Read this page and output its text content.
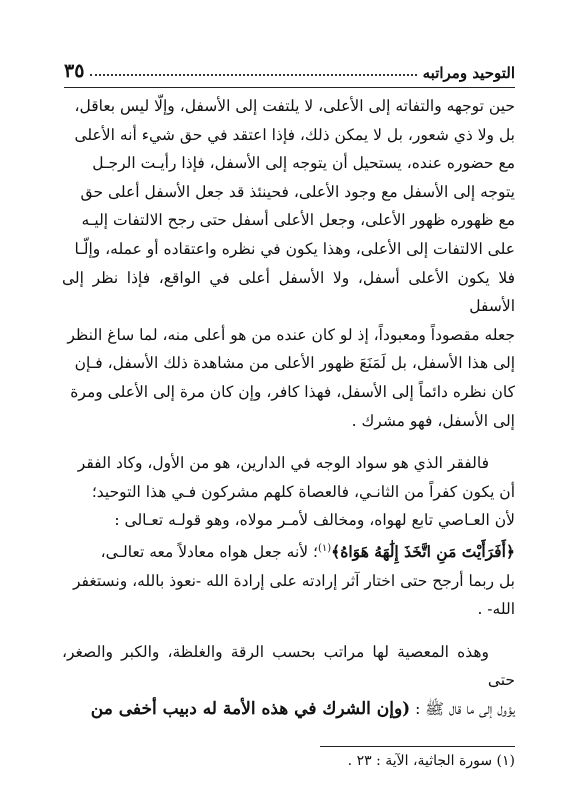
التوحيد ومراتبه
٣٥

حين توجهه والتفاته إلى الأعلى، لا يلتفت إلى الأسفل، وإلّا ليس بعاقل،

بل ولا ذي شعور، بل لا يمكن ذلك، فإذا اعتقد في حق شيء أنه الأعلى

مع حضوره عنده، يستحيل أن يتوجه إلى الأسفل، فإذا رأيـت الرجـل

يتوجه إلى الأسفل مع وجود الأعلى، فحينئذ قد جعل الأسفل أعلى حق

مع ظهوره ظهور الأعلى، وجعل الأعلى أسفل حتى رجح الالتفات إليـه

على الالتفات إلى الأعلى، وهذا يكون في نظره واعتقاده أو عمله، وإلّـا

فلا يكون الأعلى أسفل، ولا الأسفل أعلى في الواقع، فإذا نظر إلى الأسفل

جعله مقصوداً ومعبوداً، إذ لو كان عنده من هو أعلى منه، لما ساغ النظر

إلى هذا الأسفل، بل لَمَنَعَ ظهور الأعلى من مشاهدة ذلك الأسفل، فـإن

كان نظره دائماً إلى الأسفل، فهذا كافر، وإن كان مرة إلى الأعلى ومرة

إلى الأسفل، فهو مشرك .

فالفقر الذي هو سواد الوجه في الدارين، هو من الأول، وكاد الفقر

أن يكون كفراً من الثانـي، فالعصاة كلهم مشركون فـي هذا التوحيد؛

لأن العـاصي تابع لهواه، ومخالف لأمـر مولاه، وهو قولـه تعـالى :

﴿أَفَرَأَيْتَ مَنِ اتَّخَذَ إِلَٰهَهُ هَوَاهُ﴾$^{(١)}$؛ لأنه جعل هواه معادلاً معه تعالـى،

بل ربما أرجح حتى اختار آثر إرادته على إرادة الله -نعوذ بالله، ونستغفر

الله- .

وهذه المعصية لها مراتب بحسب الرقة والغلظة، والكبر والصغر، حتى

يؤول إلى ما قال ﷺ : (وإن الشرك في هذه الأمة له دبيب أخفى من

(١) سورة الجاثية، الآية : ٢٣ .
